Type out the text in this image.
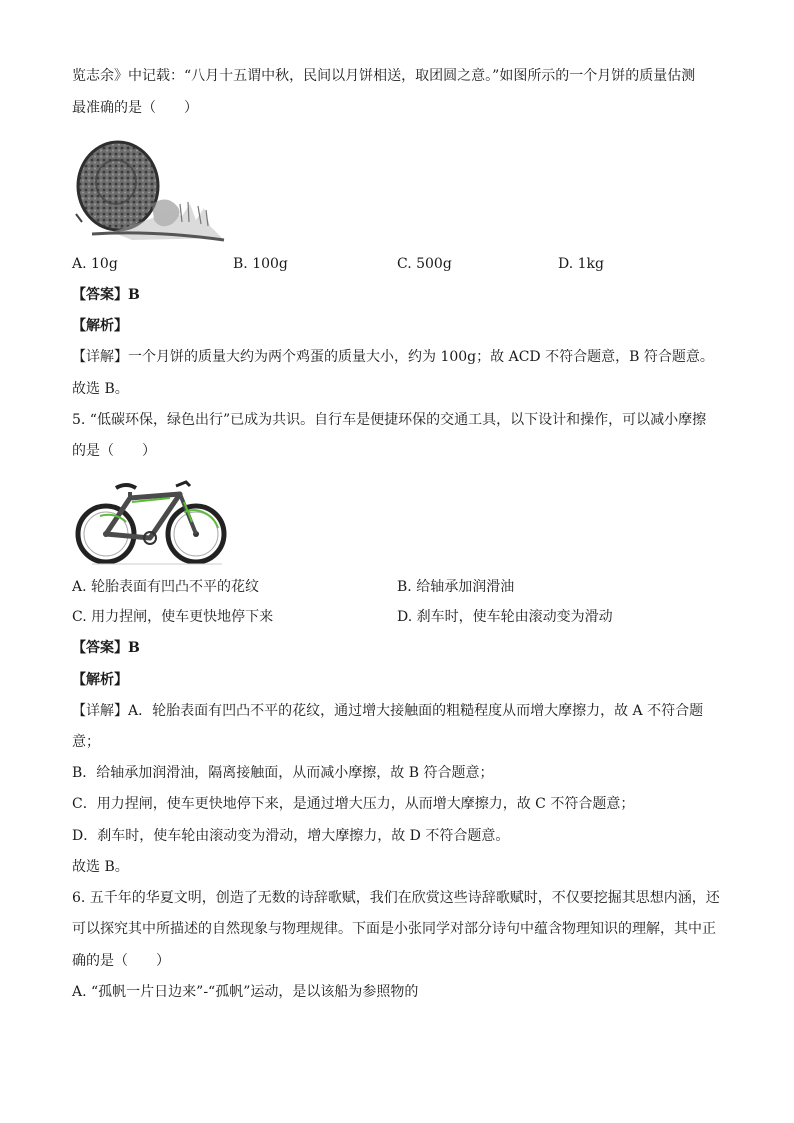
览志余》中记载：“八月十五谓中秋，民间以月饼相送，取团圆之意。”如图所示的一个月饼的质量估测
最准确的是（　　）
A. 10g	B. 100g	C. 500g	D. 1kg
【答案】B
【解析】
【详解】一个月饼的质量大约为两个鸡蛋的质量大小，约为 100g；故 ACD 不符合题意，B 符合题意。
故选 B。
5. “低碳环保，绿色出行”已成为共识。自行车是便捷环保的交通工具，以下设计和操作，可以减小摩擦
的是（　　）
A. 轮胎表面有凹凸不平的花纹	B. 给轴承加润滑油
C. 用力捏闸，使车更快地停下来	D. 刹车时，使车轮由滚动变为滑动
【答案】B
【解析】
【详解】A．轮胎表面有凹凸不平的花纹，通过增大接触面的粗糙程度从而增大摩擦力，故 A 不符合题
意；
B．给轴承加润滑油，隔离接触面，从而减小摩擦，故 B 符合题意；
C．用力捏闸，使车更快地停下来，是通过增大压力，从而增大摩擦力，故 C 不符合题意；
D．刹车时，使车轮由滚动变为滑动，增大摩擦力，故 D 不符合题意。
故选 B。
6. 五千年的华夏文明，创造了无数的诗辞歌赋，我们在欣赏这些诗辞歌赋时，不仅要挖掘其思想内涵，还
可以探究其中所描述的自然现象与物理规律。下面是小张同学对部分诗句中蕴含物理知识的理解，其中正
确的是（　　）
A. “孤帆一片日边来”-“孤帆”运动，是以该船为参照物的
